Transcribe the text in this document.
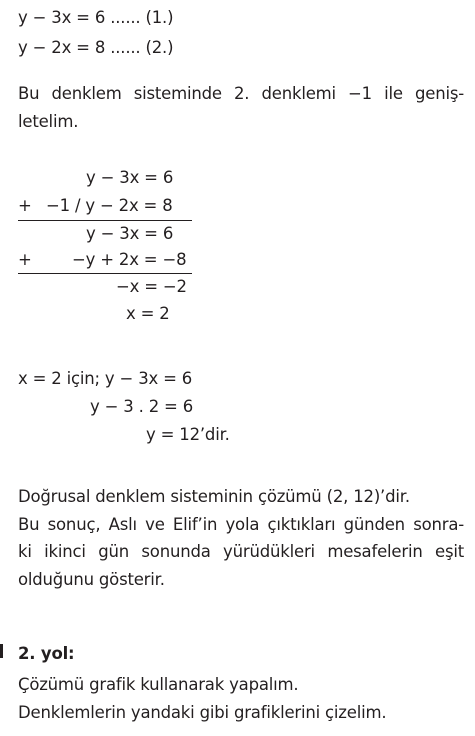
y − 3x = 6 ...... (1.)
y − 2x = 8 ...... (2.)
Bu denklem sisteminde 2. denklemi −1 ile geniş-
letelim.
y − 3x = 6
+ −1 / y − 2x = 8
y − 3x = 6
+ −y + 2x = −8
−x = −2
x = 2
x = 2 için; y − 3x = 6
y − 3 . 2 = 6
y = 12’dir.
Doğrusal denklem sisteminin çözümü (2, 12)’dir.
Bu sonuç, Aslı ve Elif’in yola çıktıkları günden sonra-
ki ikinci gün sonunda yürüdükleri mesafelerin eşit
olduğunu gösterir.
2. yol:
Çözümü grafik kullanarak yapalım.
Denklemlerin yandaki gibi grafiklerini çizelim.
